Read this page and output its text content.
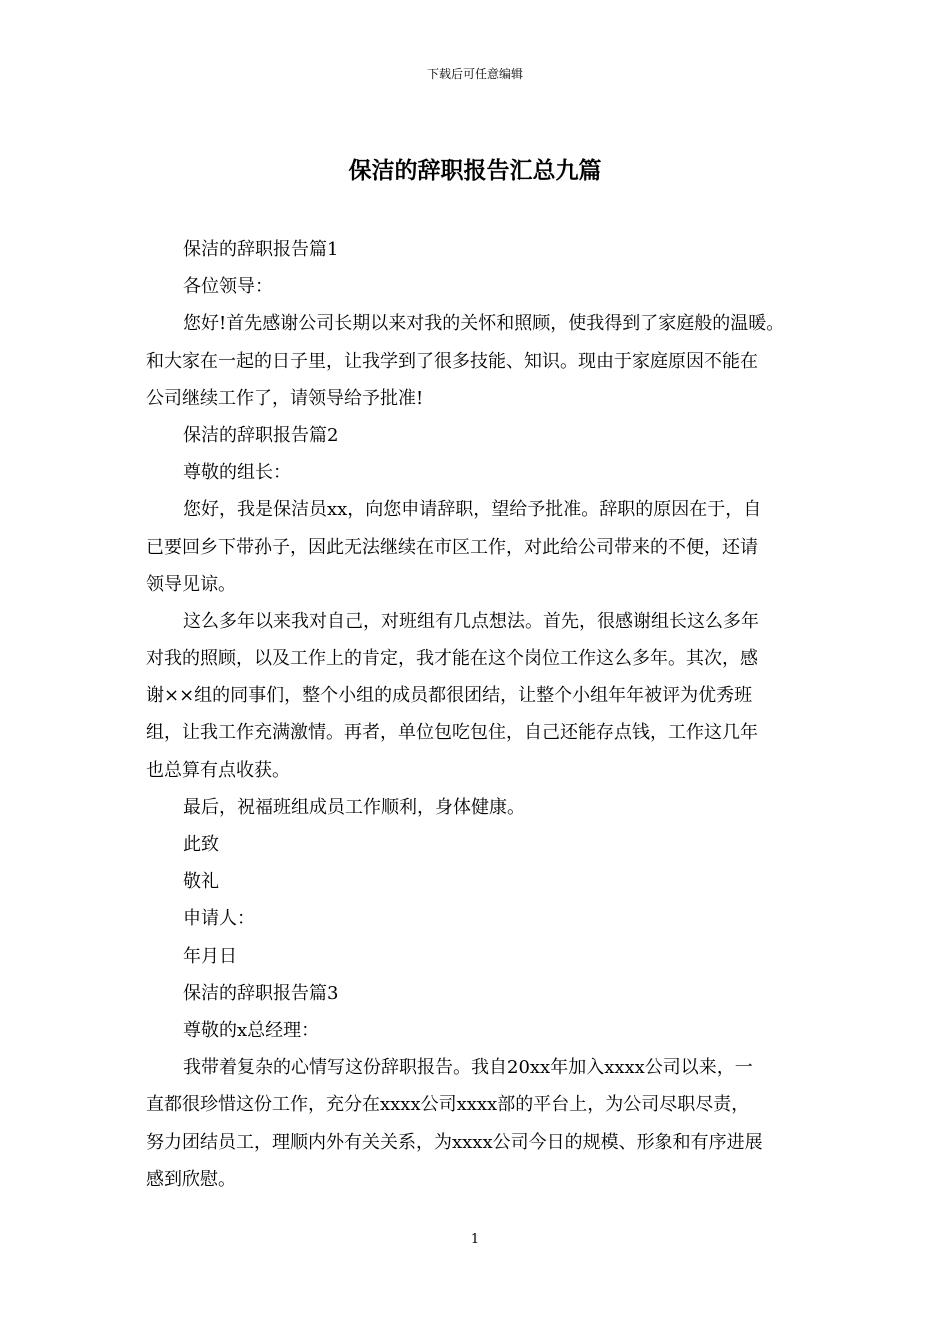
下载后可任意编辑
保洁的辞职报告汇总九篇
保洁的辞职报告篇1
各位领导：
您好!首先感谢公司长期以来对我的关怀和照顾，使我得到了家庭般的温暖。
和大家在一起的日子里，让我学到了很多技能、知识。现由于家庭原因不能在
公司继续工作了，请领导给予批准!
保洁的辞职报告篇2
尊敬的组长：
您好，我是保洁员xx，向您申请辞职，望给予批准。辞职的原因在于，自
已要回乡下带孙子，因此无法继续在市区工作，对此给公司带来的不便，还请
领导见谅。
这么多年以来我对自己，对班组有几点想法。首先，很感谢组长这么多年
对我的照顾，以及工作上的肯定，我才能在这个岗位工作这么多年。其次，感
谢××组的同事们，整个小组的成员都很团结，让整个小组年年被评为优秀班
组，让我工作充满激情。再者，单位包吃包住，自己还能存点钱，工作这几年
也总算有点收获。
最后，祝福班组成员工作顺利，身体健康。
此致
敬礼
申请人：
年月日
保洁的辞职报告篇3
尊敬的x总经理：
我带着复杂的心情写这份辞职报告。我自20xx年加入xxxx公司以来，一
直都很珍惜这份工作，充分在xxxx公司xxxx部的平台上，为公司尽职尽责，
努力团结员工，理顺内外有关关系，为xxxx公司今日的规模、形象和有序进展
感到欣慰。
1
